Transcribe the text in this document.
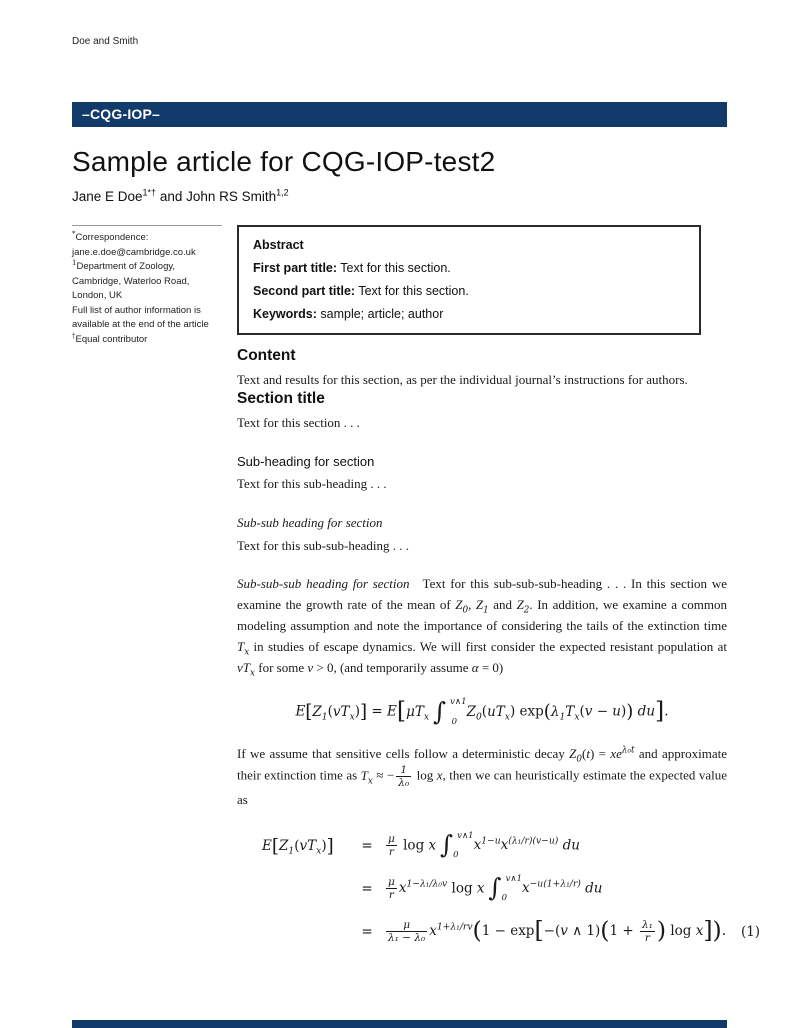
Doe and Smith
–CQG-IOP–
Sample article for CQG-IOP-test2
Jane E Doe$^{1*\dagger}$ and John RS Smith$^{1,2}$
*Correspondence:
jane.e.doe@cambridge.co.uk
$^1$Department of Zoology,
Cambridge, Waterloo Road,
London, UK
Full list of author information is
available at the end of the article
†Equal contributor
Abstract
First part title: Text for this section.
Second part title: Text for this section.
Keywords: sample; article; author
Content
Text and results for this section, as per the individual journal’s instructions for authors.
Section title
Text for this section . . .
Sub-heading for section
Text for this sub-heading . . .
Sub-sub heading for section
Text for this sub-sub-heading . . .
Sub-sub-sub heading for section Text for this sub-sub-sub-heading . . . In this section we examine the growth rate of the mean of $Z_0$, $Z_1$ and $Z_2$. In addition, we examine a common modeling assumption and note the importance of considering the tails of the extinction time $T_x$ in studies of escape dynamics. We will first consider the expected resistant population at $vT_x$ for some v > 0, (and temporarily assume α = 0)
$E[Z_1(vT_x)] = E[\mu T_x$ ∫ v∧1
0
$Z_0(uT_x) \exp(\lambda_1T_x(v - u))$ du].
If we assume that sensitive cells follow a deterministic decay $Z_0(t) = xe^{\lambda_0t}$ and approximate their extinction time as $T_x$ ≈ − $\frac{1}{\text{λ₀}}$ log x, then we can heuristically estimate the expected value as
$E[Z_1(vT_x)]$	=	$\frac{\mu}{r}$ log x ∫ v∧1
0
$x^{1-u}x^{(\lambda_1/r)(v-u)}$ du
=	$\frac{\mu}{r} x^{1-\lambda_1/\lambda_0v}$ log x ∫ v∧1
0
$x^{-u(1+\lambda_1/r)}$ du
=	$\frac{\mu}{\text{λ₁ − λ₀}} x^{1+\lambda_1/rv}(1 - \exp[-(v$ ∧ $1)(1 + \frac{\text{λ₁}}{r}$ ) log x]).	(1)
